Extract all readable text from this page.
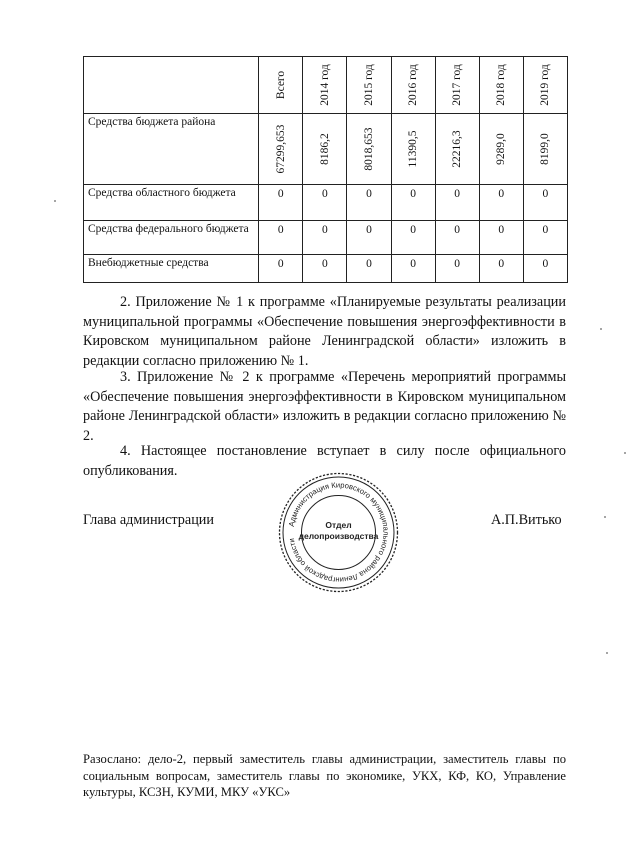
	Всего	2014 год	2015 год	2016 год	2017 год	2018 год	2019 год

Средства бюджета района	67299,653	8186,2	8018,653	11390,5	22216,3	9289,0	8199,0

Средства областного бюджета	0	0	0	0	0	0	0
Средства федерального бюджета	0	0	0	0	0	0	0
Внебюджетные средства	0	0	0	0	0	0	0

2. Приложение № 1 к программе «Планируемые результаты реализации муниципальной программы «Обеспечение повышения энергоэффективности в Кировском муниципальном районе Ленинградской области» изложить в редакции согласно приложению № 1.

3. Приложение № 2 к программе «Перечень мероприятий программы «Обеспечение повышения энергоэффективности в Кировском муниципальном районе Ленинградской области» изложить в редакции согласно приложению № 2.

4. Настоящее постановление вступает в силу после официального опубликования.

Глава администрации	А.П.Витько
Администрация Кировского муниципального района Ленинградской области
Отдел
делопроизводства

Разослано: дело-2, первый заместитель главы администрации, заместитель главы по социальным вопросам, заместитель главы по экономике, УКХ, КФ, КО, Управление культуры, КСЗН, КУМИ, МКУ «УКС»
